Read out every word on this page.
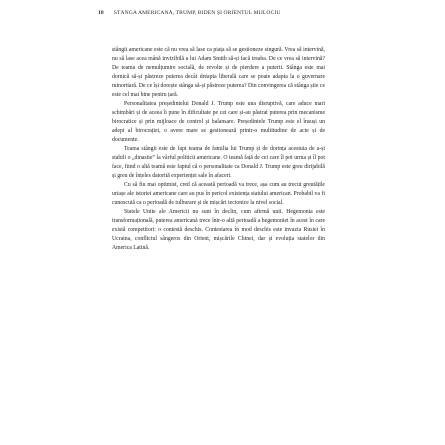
18 STÂNGA AMERICANĂ, TRUMP, BIDEN ȘI ORIENTUL MIJLOCIU

stângii americane este că nu vrea să lase ca piața să se gestioneze singură. Vrea să intervină, nu să lase acea mână invizibilă a lui Adam Smith să-și facă treaba. De ce vrea să intervină? De teama de nemulțumire socială, de revolte și de pierdere a puterii. Stânga este mai dornică să-și păstreze puterea decât dreapta liberală care se poate adapta la o guvernare minoritară. De ce își dorește stânga să-și păstreze puterea? Din convingerea că stânga știe ce este cel mai bine pentru țară.

Personalitatea președintelui Donald J. Trump este una disruptivă, care aduce mari schimbări și de aceea îi pune în dificultate pe cei care și-au păstrat puterea prin mecanisme birocratice și prin mijloace de control și balansare. Președintele Trump este el însuși un adept al birocrației, o avere mare se gestionează printr-o multitudine de acte și de documente.

Teama stângii este de fapt teama de familia lui Trump și de dorința acestuia de a-și stabili o „dinastie” la vârful politicii americane. O teamă față de cei care îl pot urma și îl pot face, fiind o altă teamă este faptul că o personalitate ca Donald J. Trump este greu dirijabilă și greu de înțeles datorită experienței sale în afaceri.

Cu să fiu mai optimist, cred că această perioadă va trece, așa cum au trecut greutățile uriașe ale istoriei americane care au pus în pericol existența statului american. Probabil va fi cunoscută ca o perioadă de tulburare și de mișcări tectonice la nivel social.

Statele Unite ale Americii nu sunt în declin, cum afirmă unii. Hegemonia este transformațională, puterea americană trece într-o altă perioadă a hegemoniei în acest în care există competitori: o contestă deschis. Contestarea în mod deschis este invazia Rusiei în Ucraina, conflictul sângeros din Orient, mișcările Chinei, dar și evoluția statelor din America Latină.
